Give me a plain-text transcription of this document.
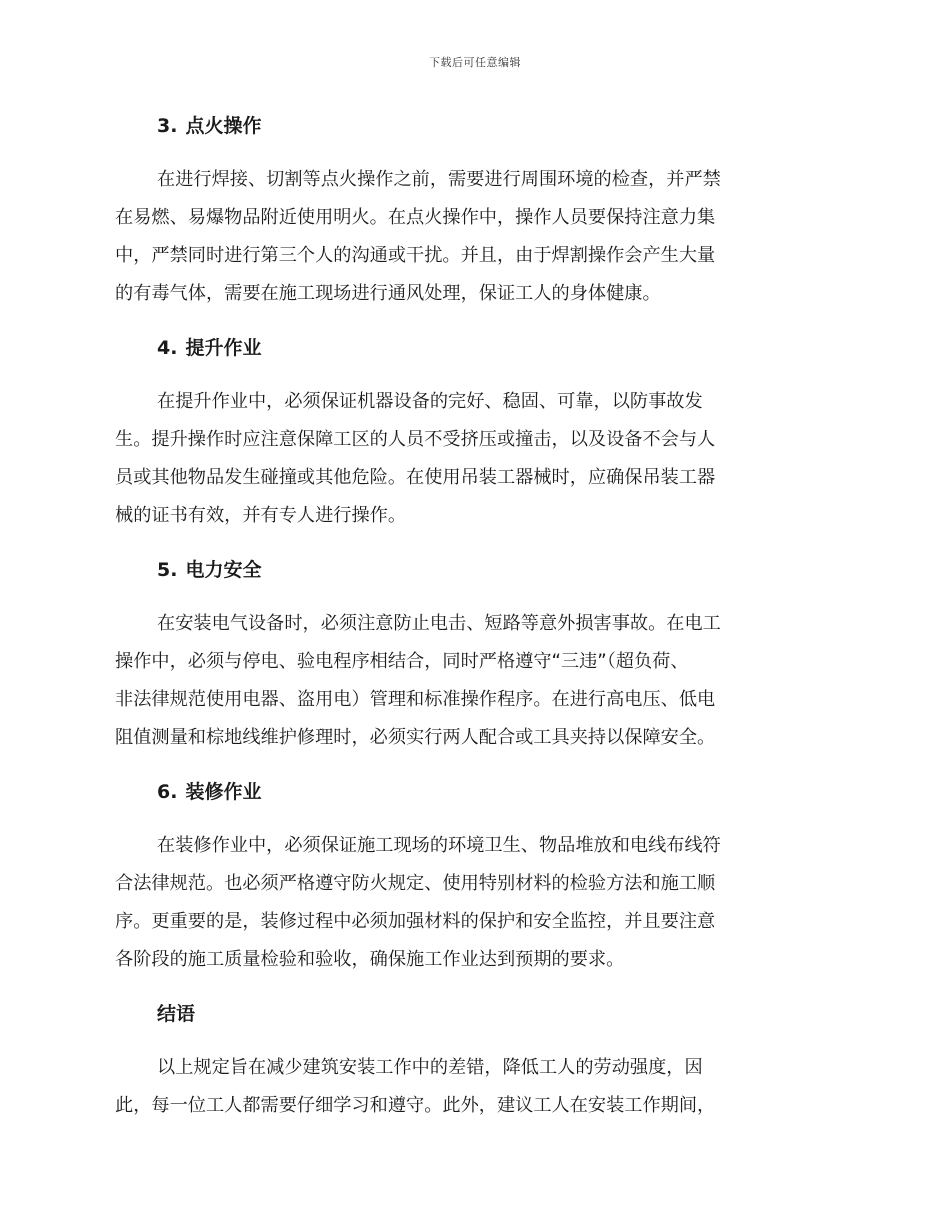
下载后可任意编辑
3. 点火操作
在进行焊接、切割等点火操作之前，需要进行周围环境的检查，并严禁
在易燃、易爆物品附近使用明火。在点火操作中，操作人员要保持注意力集
中，严禁同时进行第三个人的沟通或干扰。并且，由于焊割操作会产生大量
的有毒气体，需要在施工现场进行通风处理，保证工人的身体健康。
4. 提升作业
在提升作业中，必须保证机器设备的完好、稳固、可靠，以防事故发
生。提升操作时应注意保障工区的人员不受挤压或撞击，以及设备不会与人
员或其他物品发生碰撞或其他危险。在使用吊装工器械时，应确保吊装工器
械的证书有效，并有专人进行操作。
5. 电力安全
在安装电气设备时，必须注意防止电击、短路等意外损害事故。在电工
操作中，必须与停电、验电程序相结合，同时严格遵守“三违”（超负荷、
非法律规范使用电器、盗用电）管理和标准操作程序。在进行高电压、低电
阻值测量和棕地线维护修理时，必须实行两人配合或工具夹持以保障安全。
6. 装修作业
在装修作业中，必须保证施工现场的环境卫生、物品堆放和电线布线符
合法律规范。也必须严格遵守防火规定、使用特别材料的检验方法和施工顺
序。更重要的是，装修过程中必须加强材料的保护和安全监控，并且要注意
各阶段的施工质量检验和验收，确保施工作业达到预期的要求。
结语
以上规定旨在减少建筑安装工作中的差错，降低工人的劳动强度，因
此，每一位工人都需要仔细学习和遵守。此外，建议工人在安装工作期间，
